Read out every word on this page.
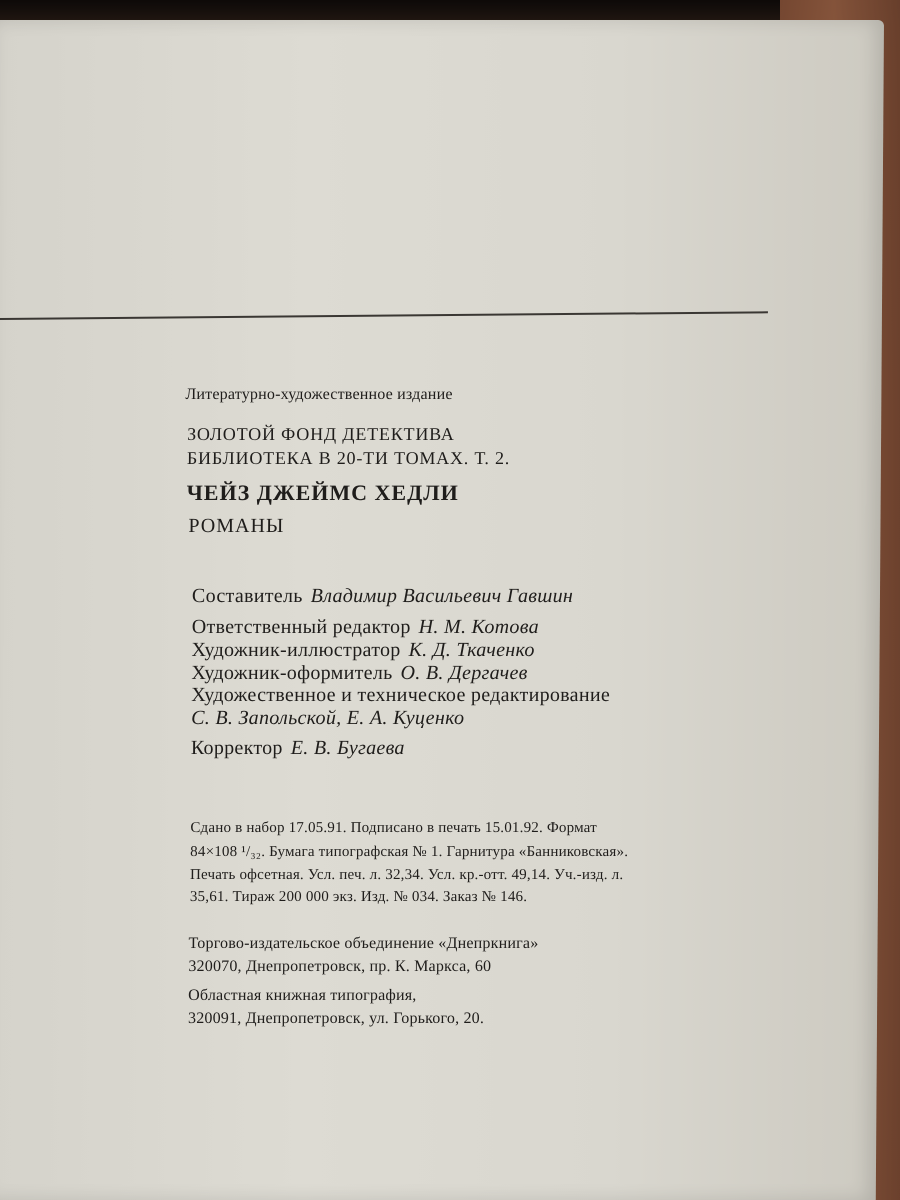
Литературно-художественное издание
ЗОЛОТОЙ ФОНД ДЕТЕКТИВА
БИБЛИОТЕКА В 20-ТИ ТОМАХ. Т. 2.
ЧЕЙЗ ДЖЕЙМС ХЕДЛИ
РОМАНЫ
Составитель Владимир Васильевич Гавшин
Ответственный редактор Н. М. Котова
Художник-иллюстратор К. Д. Ткаченко
Художник-оформитель О. В. Дергачев
Художественное и техническое редактирование
С. В. Запольской, Е. А. Куценко
Корректор Е. В. Бугаева
Сдано в набор 17.05.91. Подписано в печать 15.01.92. Формат
84×108 ¹/₃₂. Бумага типографская № 1. Гарнитура «Банниковская».
Печать офсетная. Усл. печ. л. 32,34. Усл. кр.-отт. 49,14. Уч.-изд. л.
35,61. Тираж 200 000 экз. Изд. № 034. Заказ № 146.
Торгово-издательское объединение «Днепркнига»
320070, Днепропетровск, пр. К. Маркса, 60
Областная книжная типография,
320091, Днепропетровск, ул. Горького, 20.
